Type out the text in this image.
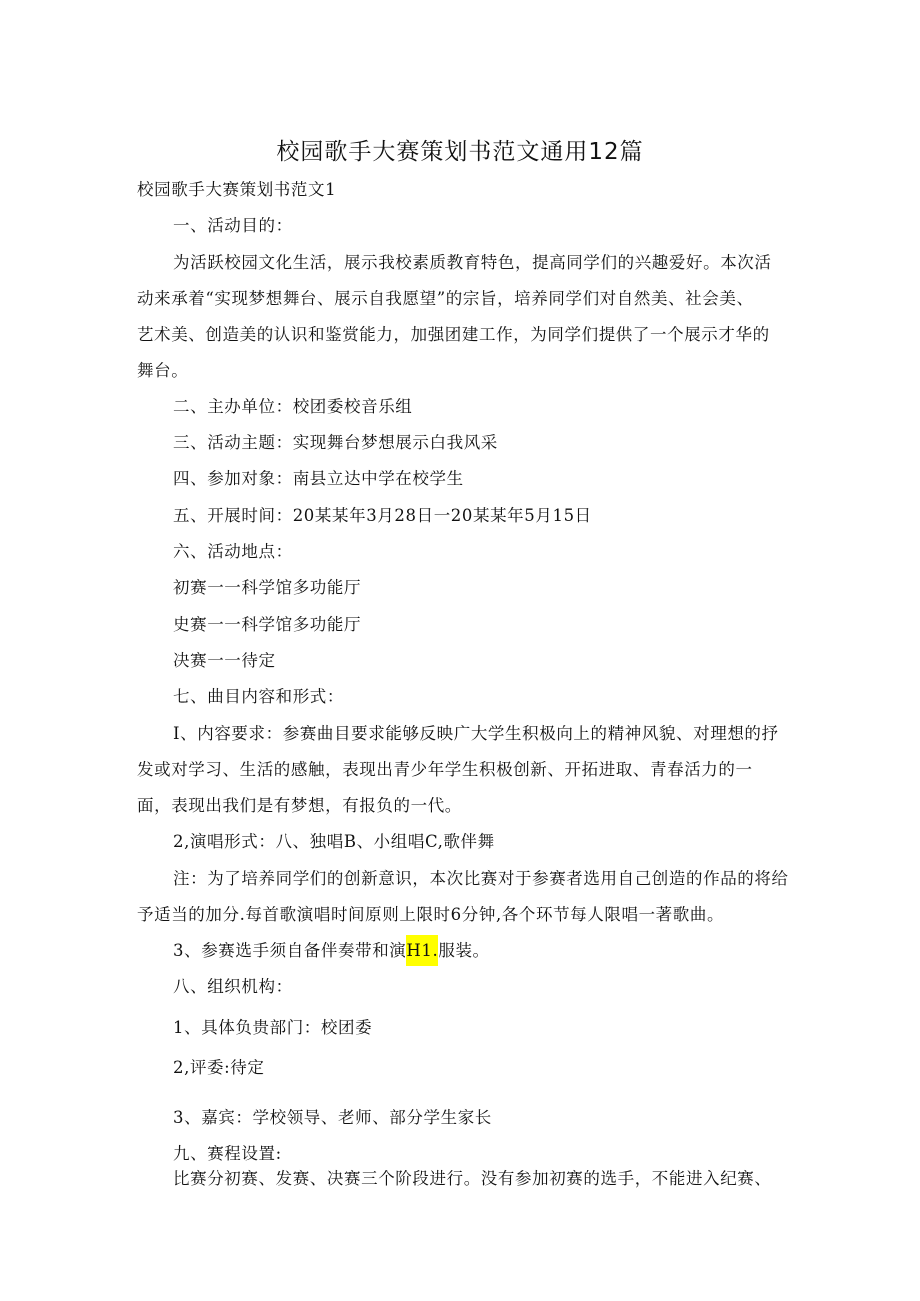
校园歌手大赛策划书范文通用12篇
校园歌手大赛策划书范文1
一、活动目的：
为活跃校园文化生活，展示我校素质教育特色，提高同学们的兴趣爱好。本次活
动来承着“实现梦想舞台、展示自我愿望”的宗旨，培养同学们对自然美、社会美、
艺术美、创造美的认识和鉴赏能力，加强团建工作，为同学们提供了一个展示才华的
舞台。
二、主办单位：校团委校音乐组
三、活动主题：实现舞台梦想展示白我风采
四、参加对象：南县立达中学在校学生
五、开展时间：20某某年3月28日一20某某年5月15日
六、活动地点：
初赛一一科学馆多功能厅
史赛一一科学馆多功能厅
决赛一一待定
七、曲目内容和形式：
I、内容要求：参赛曲目要求能够反映广大学生积极向上的精神风貌、对理想的抒
发或对学习、生活的感触，表现出青少年学生积极创新、开拓进取、青春活力的一
面，表现出我们是有梦想，有报负的一代。
2,演唱形式：八、独唱B、小组唱C,歌伴舞
注：为了培养同学们的创新意识，本次比赛对于参赛者选用自己创造的作品的将给
予适当的加分.每首歌演唱时间原则上限时6分钟,各个环节每人限唱一著歌曲。
3、参赛选手须自备伴奏带和演H1.服装。
八、组织机构：
1、具体负贵部门：校团委
2,评委:待定
3、嘉宾：学校领导、老师、部分学生家长
九、赛程设置:
比赛分初赛、发赛、决赛三个阶段进行。没有参加初赛的选手，不能进入纪赛、
